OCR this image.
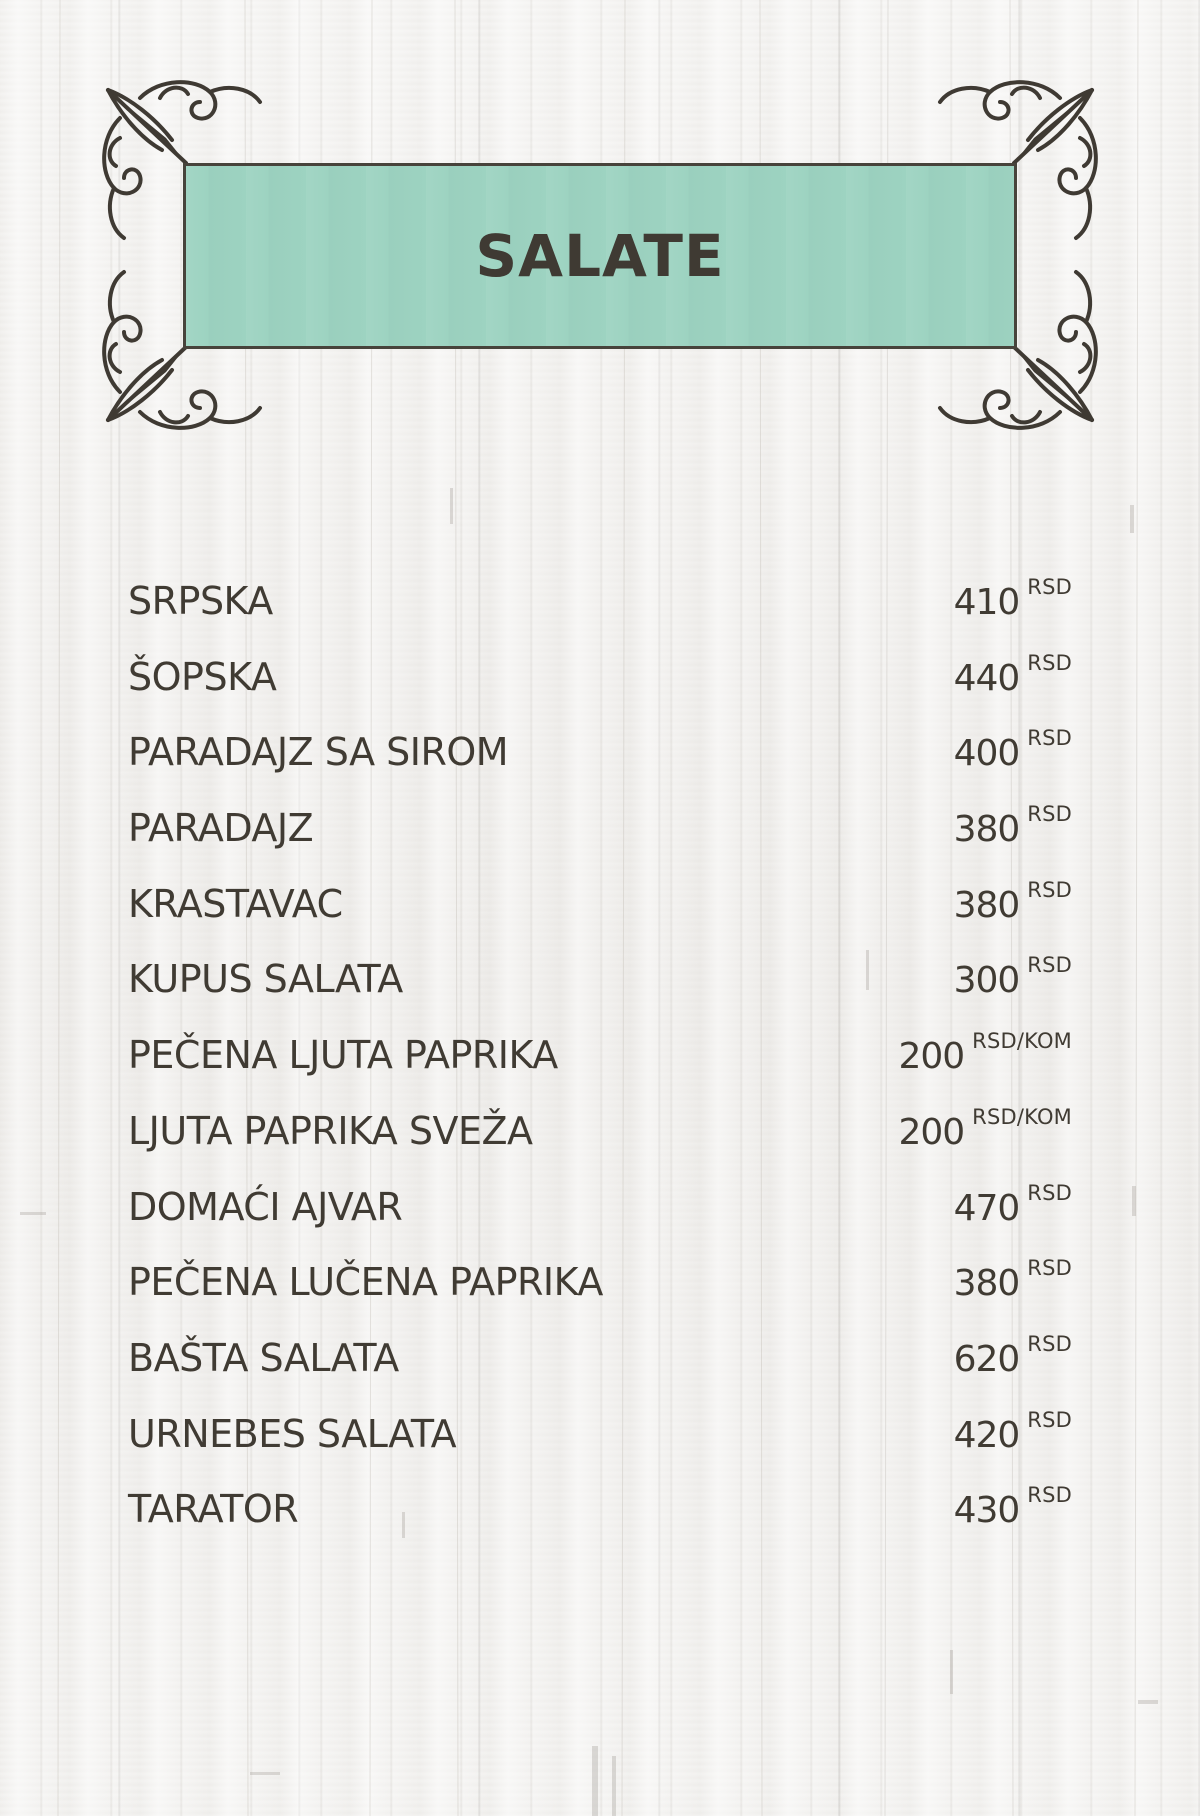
SALATE
SRPSKA	410 RSD
ŠOPSKA	440 RSD
PARADAJZ SA SIROM	400 RSD
PARADAJZ	380 RSD
KRASTAVAC	380 RSD
KUPUS SALATA	300 RSD
PEČENA LJUTA PAPRIKA	200 RSD/KOM
LJUTA PAPRIKA SVEŽA	200 RSD/KOM
DOMAĆI AJVAR	470 RSD
PEČENA LUČENA PAPRIKA	380 RSD
BAŠTA SALATA	620 RSD
URNEBES SALATA	420 RSD
TARATOR	430 RSD
